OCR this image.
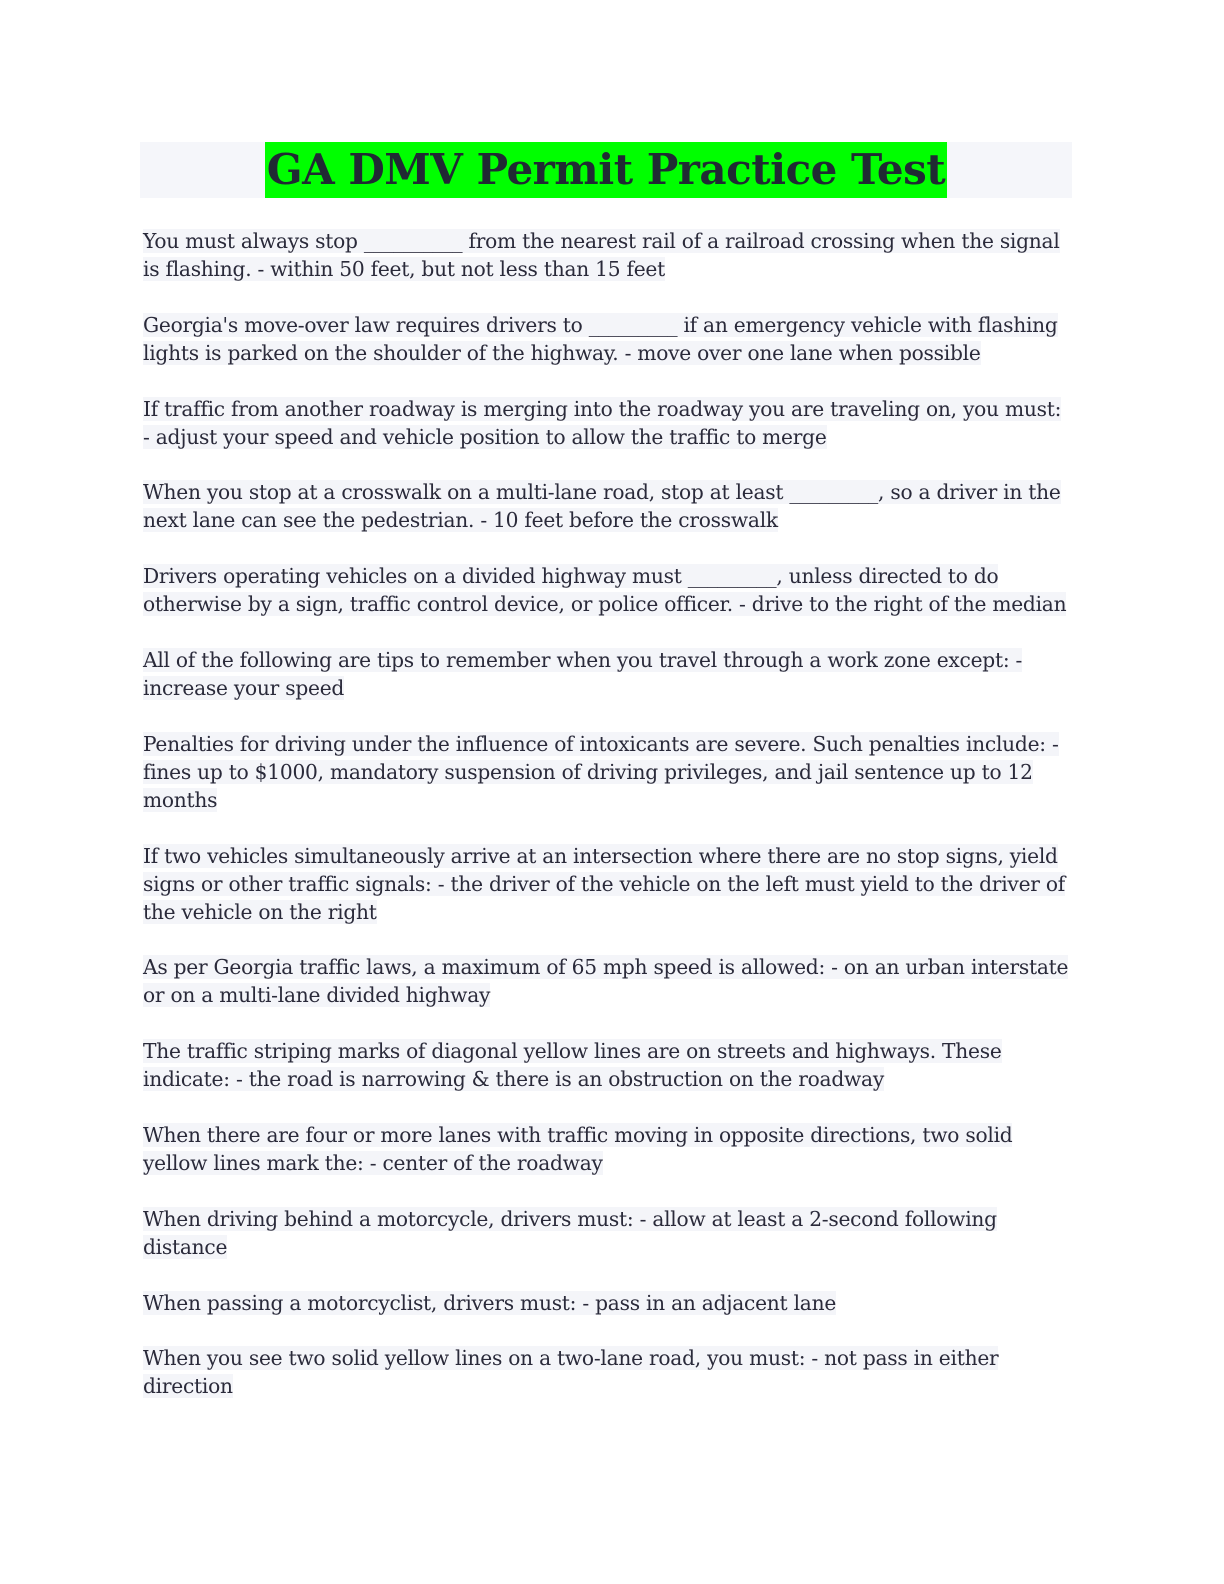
GA DMV Permit Practice Test
You must always stop __________ from the nearest rail of a railroad crossing when the signal is flashing. - within 50 feet, but not less than 15 feet
Georgia's move-over law requires drivers to _________ if an emergency vehicle with flashing lights is parked on the shoulder of the highway. - move over one lane when possible
If traffic from another roadway is merging into the roadway you are traveling on, you must: - adjust your speed and vehicle position to allow the traffic to merge
When you stop at a crosswalk on a multi-lane road, stop at least _________, so a driver in the next lane can see the pedestrian. - 10 feet before the crosswalk
Drivers operating vehicles on a divided highway must _________, unless directed to do otherwise by a sign, traffic control device, or police officer. - drive to the right of the median
All of the following are tips to remember when you travel through a work zone except: - increase your speed
Penalties for driving under the influence of intoxicants are severe. Such penalties include: - fines up to $1000, mandatory suspension of driving privileges, and jail sentence up to 12 months
If two vehicles simultaneously arrive at an intersection where there are no stop signs, yield signs or other traffic signals: - the driver of the vehicle on the left must yield to the driver of the vehicle on the right
As per Georgia traffic laws, a maximum of 65 mph speed is allowed: - on an urban interstate or on a multi-lane divided highway
The traffic striping marks of diagonal yellow lines are on streets and highways. These indicate: - the road is narrowing & there is an obstruction on the roadway
When there are four or more lanes with traffic moving in opposite directions, two solid yellow lines mark the: - center of the roadway
When driving behind a motorcycle, drivers must: - allow at least a 2-second following distance
When passing a motorcyclist, drivers must: - pass in an adjacent lane
When you see two solid yellow lines on a two-lane road, you must: - not pass in either direction
